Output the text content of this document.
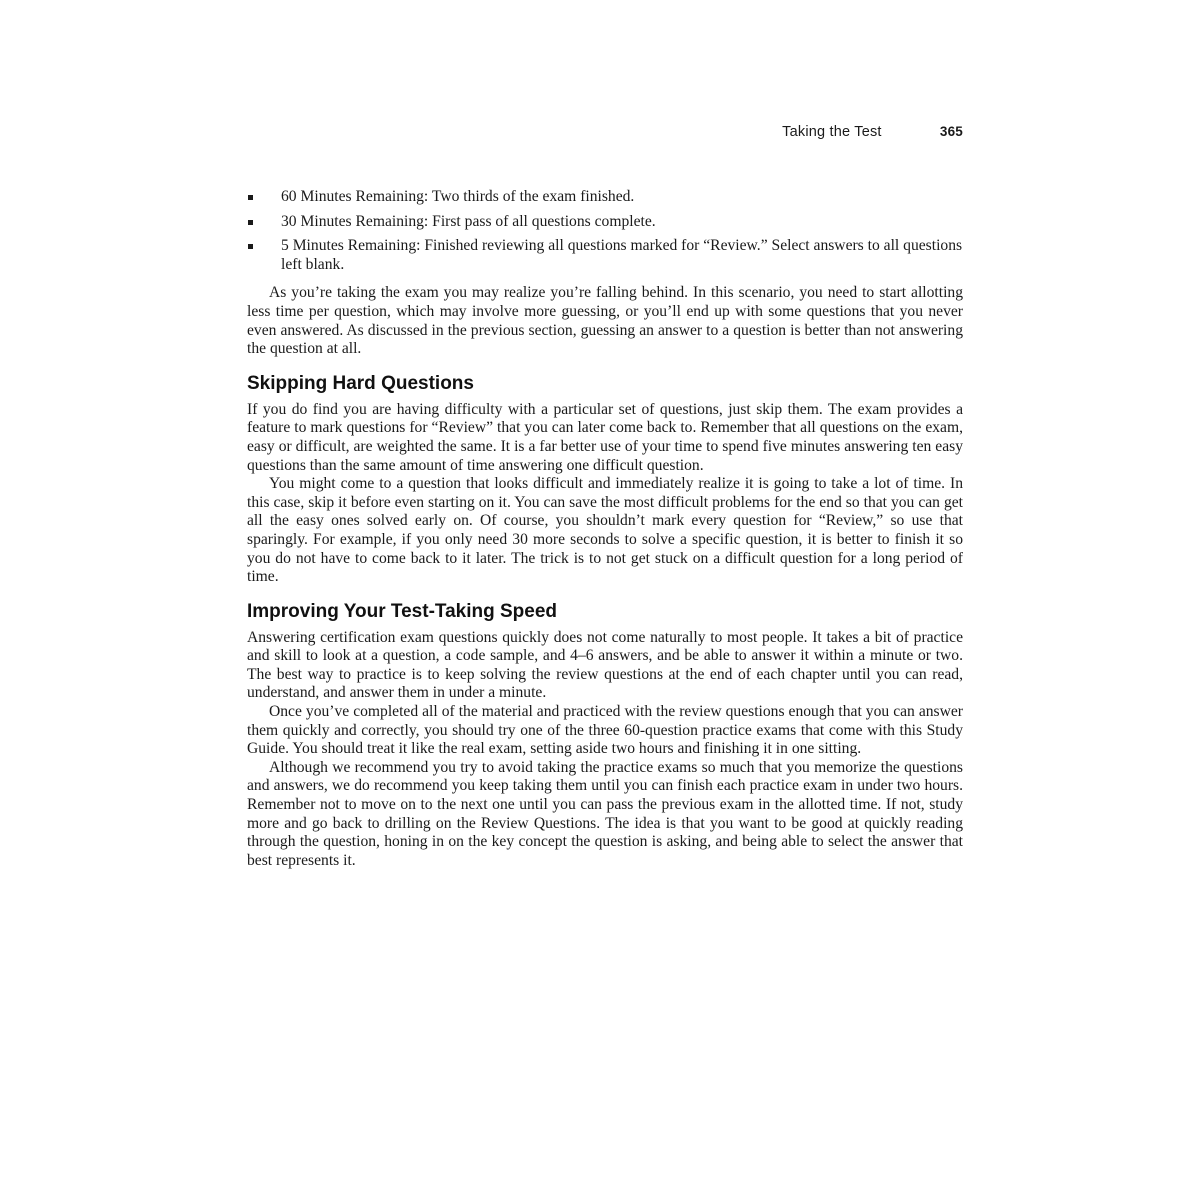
Taking the Test	365
60 Minutes Remaining: Two thirds of the exam finished.
30 Minutes Remaining: First pass of all questions complete.
5 Minutes Remaining: Finished reviewing all questions marked for “Review.” Select answers to all questions left blank.

As you’re taking the exam you may realize you’re falling behind. In this scenario, you need to start allotting less time per question, which may involve more guessing, or you’ll end up with some questions that you never even answered. As discussed in the previous section, guessing an answer to a question is better than not answering the question at all.

Skipping Hard Questions

If you do find you are having difficulty with a particular set of questions, just skip them. The exam provides a feature to mark questions for “Review” that you can later come back to. Remember that all questions on the exam, easy or difficult, are weighted the same. It is a far better use of your time to spend five minutes answering ten easy questions than the same amount of time answering one difficult question.

You might come to a question that looks difficult and immediately realize it is going to take a lot of time. In this case, skip it before even starting on it. You can save the most difficult problems for the end so that you can get all the easy ones solved early on. Of course, you shouldn’t mark every question for “Review,” so use that sparingly. For example, if you only need 30 more seconds to solve a specific question, it is better to finish it so you do not have to come back to it later. The trick is to not get stuck on a difficult question for a long period of time.

Improving Your Test-Taking Speed

Answering certification exam questions quickly does not come naturally to most people. It takes a bit of practice and skill to look at a question, a code sample, and 4–6 answers, and be able to answer it within a minute or two. The best way to practice is to keep solving the review questions at the end of each chapter until you can read, understand, and answer them in under a minute.

Once you’ve completed all of the material and practiced with the review questions enough that you can answer them quickly and correctly, you should try one of the three 60-question practice exams that come with this Study Guide. You should treat it like the real exam, setting aside two hours and finishing it in one sitting.

Although we recommend you try to avoid taking the practice exams so much that you memorize the questions and answers, we do recommend you keep taking them until you can finish each practice exam in under two hours. Remember not to move on to the next one until you can pass the previous exam in the allotted time. If not, study more and go back to drilling on the Review Questions. The idea is that you want to be good at quickly reading through the question, honing in on the key concept the question is asking, and being able to select the answer that best represents it.
